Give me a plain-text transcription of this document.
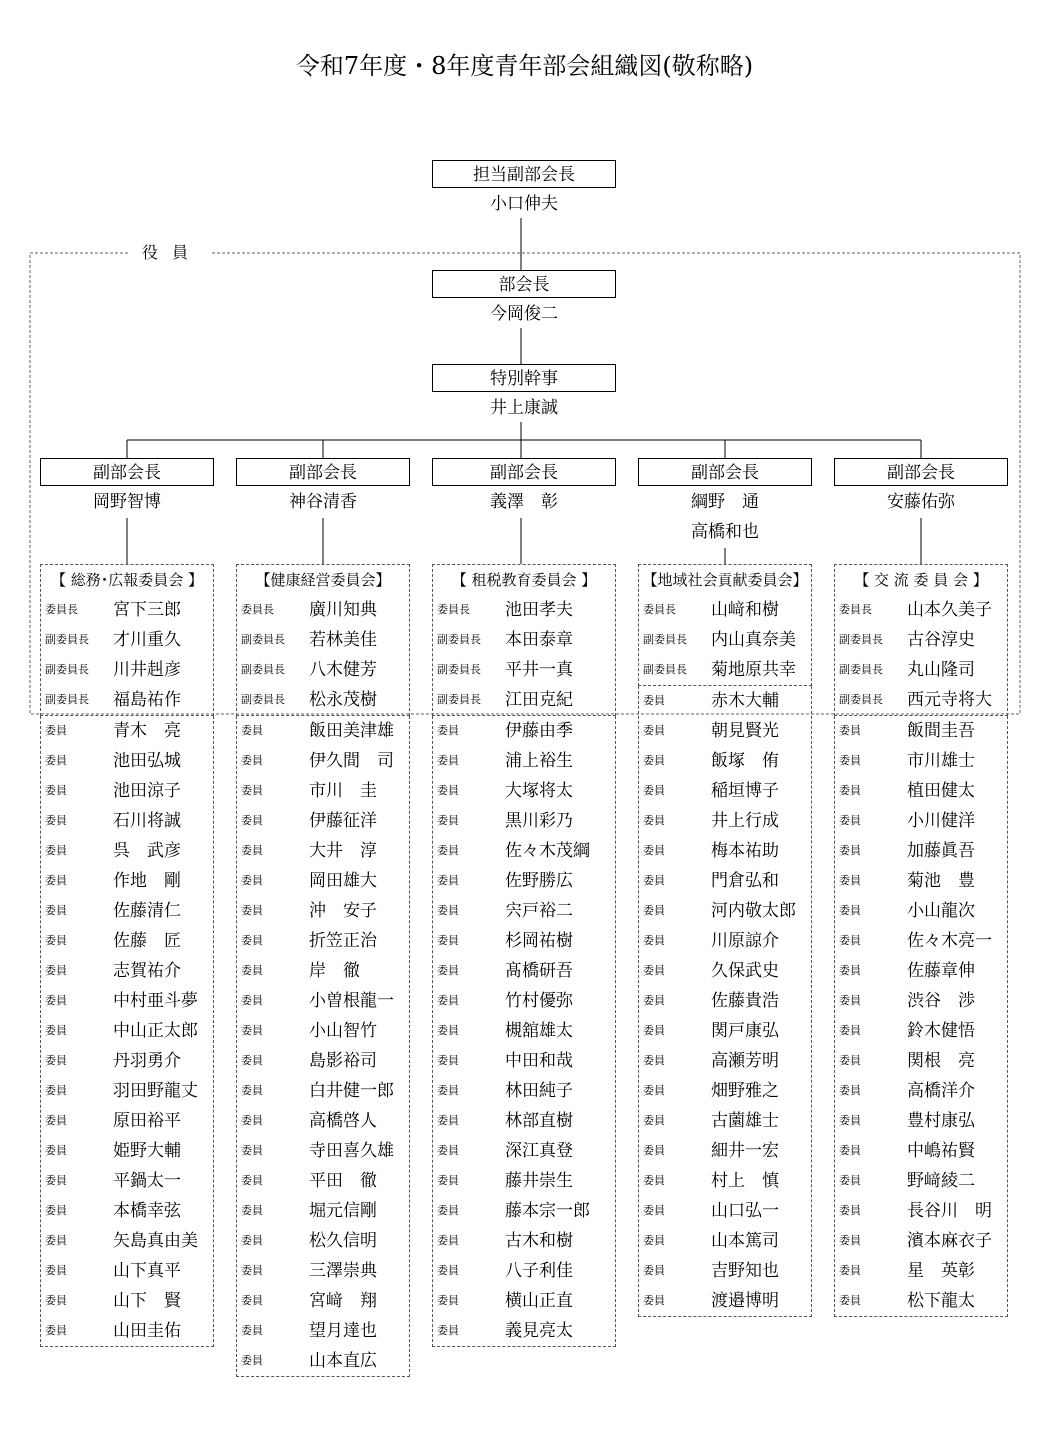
令和7年度・8年度青年部会組織図(敬称略)
役員
担当副部会長
小口伸夫
部会長
今岡俊二
特別幹事
井上康誠
副部会長
岡野智博
副部会長
神谷清香
副部会長
義澤　彰
副部会長
綱野　通
高橋和也
副部会長
安藤佑弥
【 総務･広報委員会 】
委員長 宮下三郎
副委員長 才川重久
副委員長 川井赳彦
副委員長 福島祐作
委員	青木　亮
委員	池田弘城
委員	池田涼子
委員	石川将誠
委員	呉　武彦
委員	作地　剛
委員	佐藤清仁
委員	佐藤　匠
委員	志賀祐介
委員	中村亜斗夢
委員	中山正太郎
委員	丹羽勇介
委員	羽田野龍丈
委員	原田裕平
委員	姫野大輔
委員	平鍋太一
委員	本橋幸弦
委員	矢島真由美
委員	山下真平
委員	山下　賢
委員	山田圭佑
【健康経営委員会】
委員長 廣川知典
副委員長 若林美佳
副委員長 八木健芳
副委員長 松永茂樹
委員	飯田美津雄
委員	伊久間　司
委員	市川　圭
委員	伊藤征洋
委員	大井　淳
委員	岡田雄大
委員	沖　安子
委員	折笠正治
委員	岸　徹
委員	小曽根龍一
委員	小山智竹
委員	島影裕司
委員	白井健一郎
委員	高橋啓人
委員	寺田喜久雄
委員	平田　徹
委員	堀元信剛
委員	松久信明
委員	三澤崇典
委員	宮﨑　翔
委員	望月達也
委員	山本直広
【 租税教育委員会 】
委員長 池田孝夫
副委員長 本田泰章
副委員長 平井一真
副委員長 江田克紀
委員	伊藤由季
委員	浦上裕生
委員	大塚将太
委員	黒川彩乃
委員	佐々木茂綱
委員	佐野勝広
委員	宍戸裕二
委員	杉岡祐樹
委員	髙橋研吾
委員	竹村優弥
委員	槻舘雄太
委員	中田和哉
委員	林田純子
委員	林部直樹
委員	深江真登
委員	藤井崇生
委員	藤本宗一郎
委員	古木和樹
委員	八子利佳
委員	横山正直
委員	義見亮太
【地域社会貢献委員会】
委員長 山﨑和樹
副委員長 内山真奈美
副委員長 菊地原共幸
委員	赤木大輔
委員	朝見賢光
委員	飯塚　侑
委員	稲垣博子
委員	井上行成
委員	梅本祐助
委員	門倉弘和
委員	河内敬太郎
委員	川原諒介
委員	久保武史
委員	佐藤貴浩
委員	関戸康弘
委員	高瀬芳明
委員	畑野雅之
委員	古薗雄士
委員	細井一宏
委員	村上　慎
委員	山口弘一
委員	山本篤司
委員	吉野知也
委員	渡邉博明
【 交 流 委 員 会 】
委員長 山本久美子
副委員長 古谷淳史
副委員長 丸山隆司
副委員長 西元寺将大
委員	飯間圭吾
委員	市川雄士
委員	植田健太
委員	小川健洋
委員	加藤眞吾
委員	菊池　豊
委員	小山龍次
委員	佐々木亮一
委員	佐藤章伸
委員	渋谷　渉
委員	鈴木健悟
委員	関根　亮
委員	高橋洋介
委員	豊村康弘
委員	中嶋祐賢
委員	野﨑綾二
委員	長谷川　明
委員	濱本麻衣子
委員	星　英彰
委員	松下龍太
